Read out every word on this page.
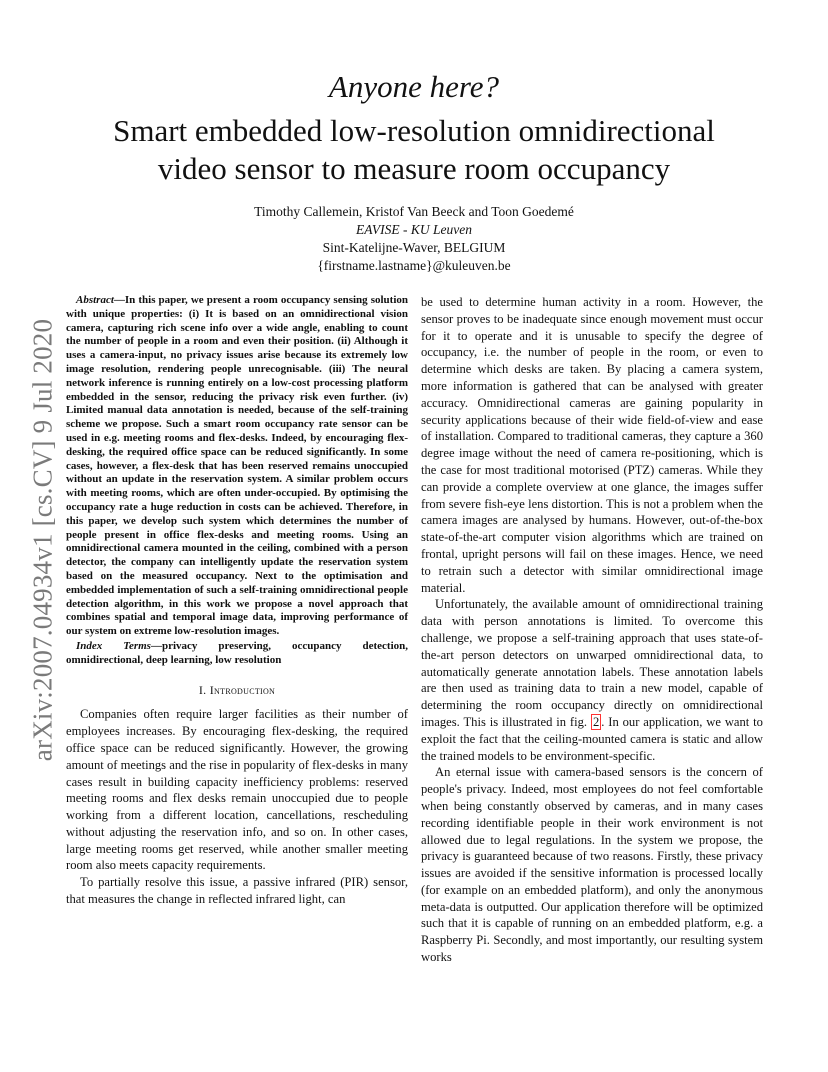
arXiv:2007.04934v1 [cs.CV] 9 Jul 2020
Anyone here?
Smart embedded low-resolution omnidirectional
video sensor to measure room occupancy
Timothy Callemein, Kristof Van Beeck and Toon Goedemé
EAVISE - KU Leuven
Sint-Katelijne-Waver, BELGIUM
{firstname.lastname}@kuleuven.be

Abstract—In this paper, we present a room occupancy sensing solution with unique properties: (i) It is based on an omnidirectional vision camera, capturing rich scene info over a wide angle, enabling to count the number of people in a room and even their position. (ii) Although it uses a camera-input, no privacy issues arise because its extremely low image resolution, rendering people unrecognisable. (iii) The neural network inference is running entirely on a low-cost processing platform embedded in the sensor, reducing the privacy risk even further. (iv) Limited manual data annotation is needed, because of the self-training scheme we propose. Such a smart room occupancy rate sensor can be used in e.g. meeting rooms and flex-desks. Indeed, by encouraging flex-desking, the required office space can be reduced significantly. In some cases, however, a flex-desk that has been reserved remains unoccupied without an update in the reservation system. A similar problem occurs with meeting rooms, which are often under-occupied. By optimising the occupancy rate a huge reduction in costs can be achieved. Therefore, in this paper, we develop such system which determines the number of people present in office flex-desks and meeting rooms. Using an omnidirectional camera mounted in the ceiling, combined with a person detector, the company can intelligently update the reservation system based on the measured occupancy. Next to the optimisation and embedded implementation of such a self-training omnidirectional people detection algorithm, in this work we propose a novel approach that combines spatial and temporal image data, improving performance of our system on extreme low-resolution images.

Index Terms—privacy preserving, occupancy detection, omnidirectional, deep learning, low resolution

I. Introduction

Companies often require larger facilities as their number of employees increases. By encouraging flex-desking, the required office space can be reduced significantly. However, the growing amount of meetings and the rise in popularity of flex-desks in many cases result in building capacity inefficiency problems: reserved meeting rooms and flex desks remain unoccupied due to people working from a different location, cancellations, rescheduling without adjusting the reservation info, and so on. In other cases, large meeting rooms get reserved, while another smaller meeting room also meets capacity requirements.

To partially resolve this issue, a passive infrared (PIR) sensor, that measures the change in reflected infrared light, can

be used to determine human activity in a room. However, the sensor proves to be inadequate since enough movement must occur for it to operate and it is unusable to specify the degree of occupancy, i.e. the number of people in the room, or even to determine which desks are taken. By placing a camera system, more information is gathered that can be analysed with greater accuracy. Omnidirectional cameras are gaining popularity in security applications because of their wide field-of-view and ease of installation. Compared to traditional cameras, they capture a 360 degree image without the need of camera re-positioning, which is the case for most traditional motorised (PTZ) cameras. While they can provide a complete overview at one glance, the images suffer from severe fish-eye lens distortion. This is not a problem when the camera images are analysed by humans. However, out-of-the-box state-of-the-art computer vision algorithms which are trained on frontal, upright persons will fail on these images. Hence, we need to retrain such a detector with similar omnidirectional image material.

Unfortunately, the available amount of omnidirectional training data with person annotations is limited. To overcome this challenge, we propose a self-training approach that uses state-of-the-art person detectors on unwarped omnidirectional data, to automatically generate annotation labels. These annotation labels are then used as training data to train a new model, capable of determining the room occupancy directly on omnidirectional images. This is illustrated in fig. 2 . In our application, we want to exploit the fact that the ceiling-mounted camera is static and allow the trained models to be environment-specific.

An eternal issue with camera-based sensors is the concern of people's privacy. Indeed, most employees do not feel comfortable when being constantly observed by cameras, and in many cases recording identifiable people in their work environment is not allowed due to legal regulations. In the system we propose, the privacy is guaranteed because of two reasons. Firstly, these privacy issues are avoided if the sensitive information is processed locally (for example on an embedded platform), and only the anonymous meta-data is outputted. Our application therefore will be optimized such that it is capable of running on an embedded platform, e.g. a Raspberry Pi. Secondly, and most importantly, our resulting system works
